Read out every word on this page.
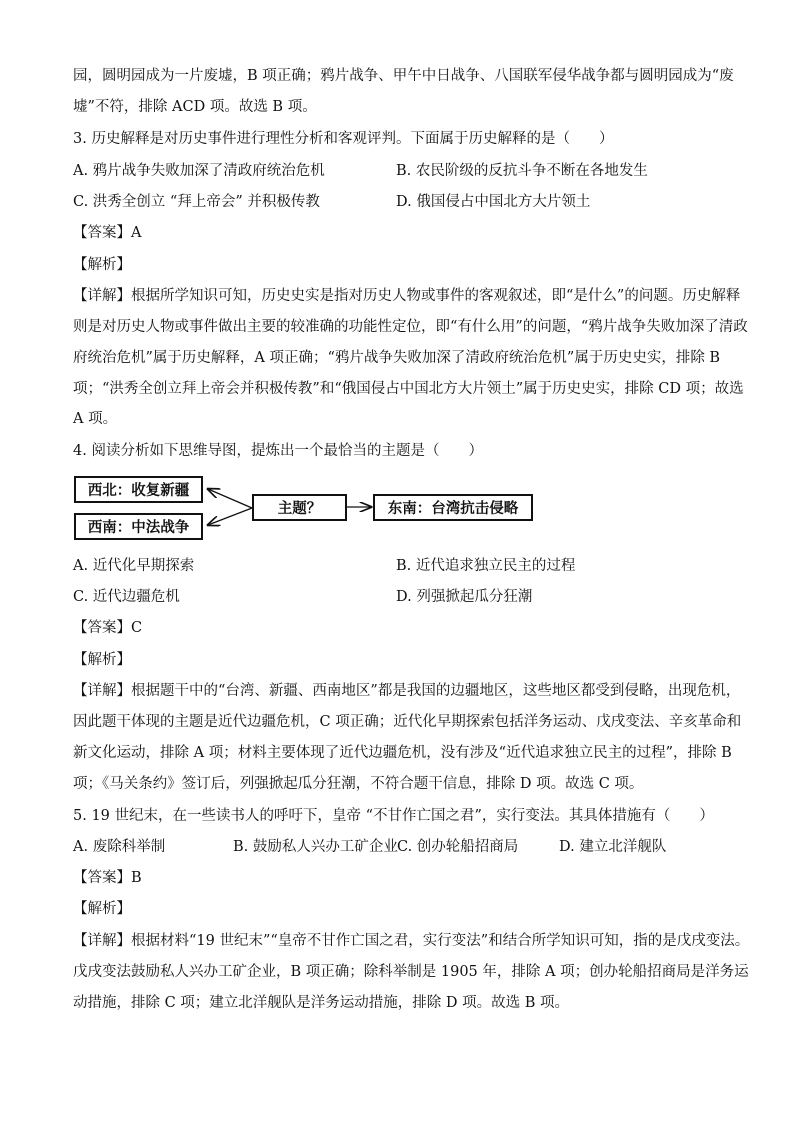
园，圆明园成为一片废墟，B 项正确；鸦片战争、甲午中日战争、八国联军侵华战争都与圆明园成为“废
墟”不符，排除 ACD 项。故选 B 项。
3. 历史解释是对历史事件进行理性分析和客观评判。下面属于历史解释的是（　　）
A. 鸦片战争失败加深了清政府统治危机	B. 农民阶级的反抗斗争不断在各地发生
C. 洪秀全创立 “拜上帝会” 并积极传教	D. 俄国侵占中国北方大片领土
【答案】A
【解析】
【详解】根据所学知识可知，历史史实是指对历史人物或事件的客观叙述，即“是什么”的问题。历史解释
则是对历史人物或事件做出主要的较准确的功能性定位，即“有什么用”的问题，“鸦片战争失败加深了清政
府统治危机”属于历史解释，A 项正确；“鸦片战争失败加深了清政府统治危机”属于历史史实，排除 B
项；“洪秀全创立拜上帝会并积极传教”和“俄国侵占中国北方大片领土”属于历史史实，排除 CD 项；故选
A 项。
4. 阅读分析如下思维导图，提炼出一个最恰当的主题是（　　）
西北：收复新疆
西南：中法战争
主题？	东南：台湾抗击侵略
A. 近代化早期探索	B. 近代追求独立民主的过程
C. 近代边疆危机	D. 列强掀起瓜分狂潮
【答案】C
【解析】
【详解】根据题干中的“台湾、新疆、西南地区”都是我国的边疆地区，这些地区都受到侵略，出现危机，
因此题干体现的主题是近代边疆危机，C 项正确；近代化早期探索包括洋务运动、戊戌变法、辛亥革命和
新文化运动，排除 A 项；材料主要体现了近代边疆危机，没有涉及“近代追求独立民主的过程”，排除 B
项；《马关条约》签订后，列强掀起瓜分狂潮，不符合题干信息，排除 D 项。故选 C 项。
5. 19 世纪末，在一些读书人的呼吁下，皇帝 “不甘作亡国之君”，实行变法。其具体措施有（　　）
A. 废除科举制	B. 鼓励私人兴办工矿企业 C. 创办轮船招商局	D. 建立北洋舰队
【答案】B
【解析】
【详解】根据材料“19 世纪末”“皇帝不甘作亡国之君，实行变法”和结合所学知识可知，指的是戊戌变法。
戊戌变法鼓励私人兴办工矿企业，B 项正确；除科举制是 1905 年，排除 A 项；创办轮船招商局是洋务运
动措施，排除 C 项；建立北洋舰队是洋务运动措施，排除 D 项。故选 B 项。
